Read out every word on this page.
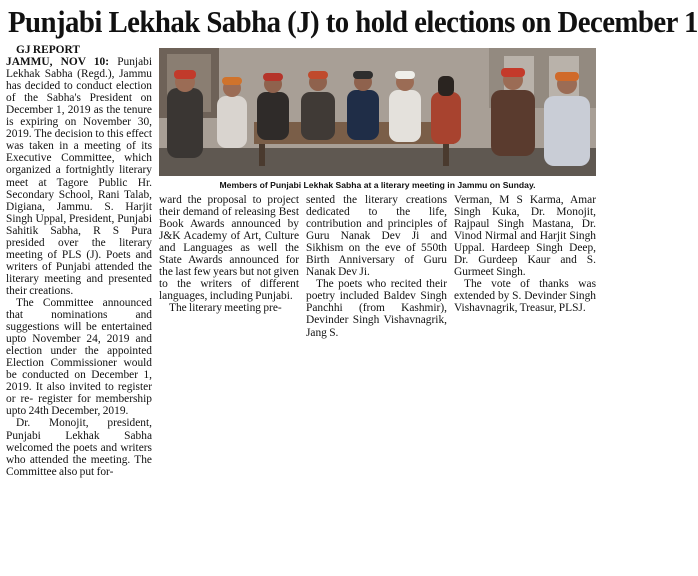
Punjabi Lekhak Sabha (J) to hold elections on December 1

GJ REPORT

JAMMU, NOV 10: Punjabi Lekhak Sabha (Regd.), Jammu has decided to conduct election of the Sabha's President on December 1, 2019 as the tenure is expiring on November 30, 2019. The decision to this effect was taken in a meeting of its Executive Committee, which organized a fortnightly literary meet at Tagore Public Hr. Secondary School, Rani Talab, Digiana, Jammu. S. Harjit Singh Uppal, President, Punjabi Sahitik Sabha, R S Pura presided over the literary meeting of PLS (J). Poets and writers of Punjabi attended the literary meeting and presented their creations.

The Committee announced that nominations and suggestions will be entertained upto November 24, 2019 and election under the appointed Election Commissioner would be conducted on December 1, 2019. It also invited to register or re- register for membership upto 24th December, 2019.

Dr. Monojit, president, Punjabi Lekhak Sabha welcomed the poets and writers who attended the meeting. The Committee also put for-

Members of Punjabi Lekhak Sabha at a literary meeting in Jammu on Sunday.

ward the proposal to project their demand of releasing Best Book Awards announced by J&K Academy of Art, Culture and Languages as well the State Awards announced for the last few years but not given to the writers of different languages, including Punjabi.

The literary meeting pre-

sented the literary creations dedicated to the life, contribution and principles of Guru Nanak Dev Ji and Sikhism on the eve of 550th Birth Anniversary of Guru Nanak Dev Ji.

The poets who recited their poetry included Baldev Singh Panchhi (from Kashmir), Devinder Singh Vishavnagrik, Jang S.

Verman, M S Karma, Amar Singh Kuka, Dr. Monojit, Rajpaul Singh Mastana, Dr. Vinod Nirmal and Harjit Singh Uppal. Hardeep Singh Deep, Dr. Gurdeep Kaur and S. Gurmeet Singh.

The vote of thanks was extended by S. Devinder Singh Vishavnagrik, Treasur, PLSJ.
